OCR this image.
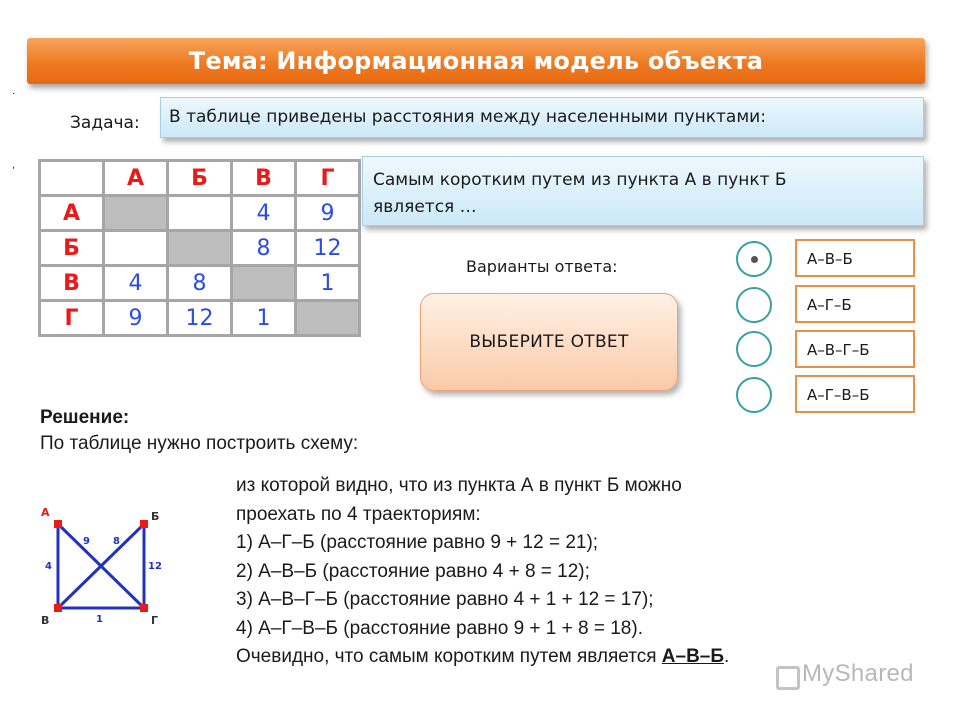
Тема: Информационная модель объекта
.
,
Задача: В таблице приведены расстояния между населенными пунктами:
	А	Б	В	Г
А			4	9
Б			8	12
В	4	8		1
Г	9	12	1	
Самым коротким путем из пункта А в пункт Б
является …
Варианты ответа:
ВЫБЕРИТЕ ОТВЕТ
А–В–Б
А–Г–Б
А–В–Г–Б
А–Г–В–Б
Решение:
По таблице нужно построить схему:
А	Б
В	Г
9 8
4	12
1
из которой видно, что из пункта А в пункт Б можно
проехать по 4 траекториям:
1) А–Г–Б (расстояние равно 9 + 12 = 21);
2) А–В–Б (расстояние равно 4 + 8 = 12);
3) А–В–Г–Б (расстояние равно 4 + 1 + 12 = 17);
4) А–Г–В–Б (расстояние равно 9 + 1 + 8 = 18).
Очевидно, что самым коротким путем является А–В–Б.
MyShared
